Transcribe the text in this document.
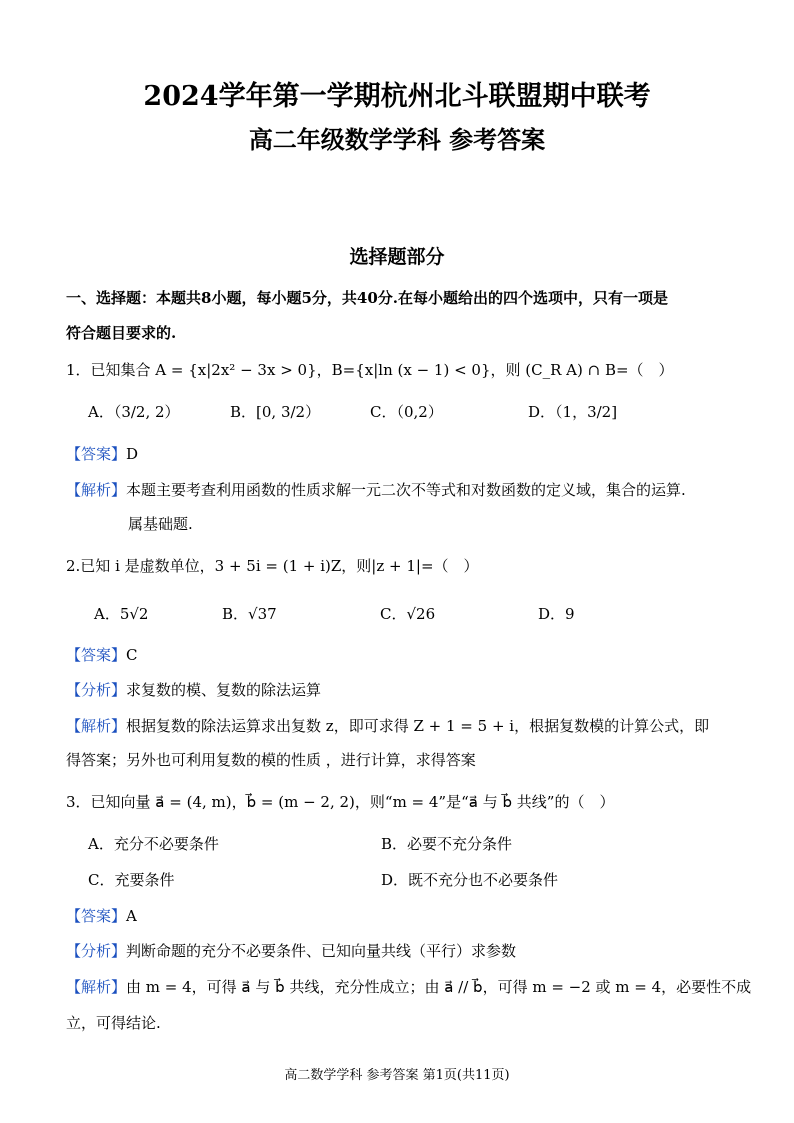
2024学年第一学期杭州北斗联盟期中联考
高二年级数学学科 参考答案
选择题部分
一、选择题：本题共8小题，每小题5分，共40分.在每小题给出的四个选项中，只有一项是
符合题目要求的.
1．已知集合 A = {x|2x² − 3x > 0}，B={x|ln (x − 1) < 0}，则 (C_R A) ∩ B=（　）
A．（3/2, 2）	B．[0, 3/2）	C．（0,2）	D．（1，3/2]
【答案】D
【解析】本题主要考查利用函数的性质求解一元二次不等式和对数函数的定义域，集合的运算.
属基础题.
2.已知 i 是虚数单位，3 + 5i = (1 + i)Z，则|z + 1|=（　）
A．5√2	B．√37	C．√26	D．9
【答案】C
【分析】求复数的模、复数的除法运算
【解析】根据复数的除法运算求出复数 z，即可求得 Z + 1 = 5 + i，根据复数模的计算公式，即
得答案；另外也可利用复数的模的性质 ，进行计算，求得答案
3．已知向量 a⃗ = (4, m)，b⃗ = (m − 2, 2)，则“m = 4”是“a⃗ 与 b⃗ 共线”的（　）
A．充分不必要条件	B．必要不充分条件
C．充要条件	D．既不充分也不必要条件
【答案】A
【分析】判断命题的充分不必要条件、已知向量共线（平行）求参数
【解析】由 m = 4，可得 a⃗ 与 b⃗ 共线，充分性成立；由 a⃗ // b⃗，可得 m = −2 或 m = 4，必要性不成
立，可得结论.
高二数学学科 参考答案 第1页(共11页)
